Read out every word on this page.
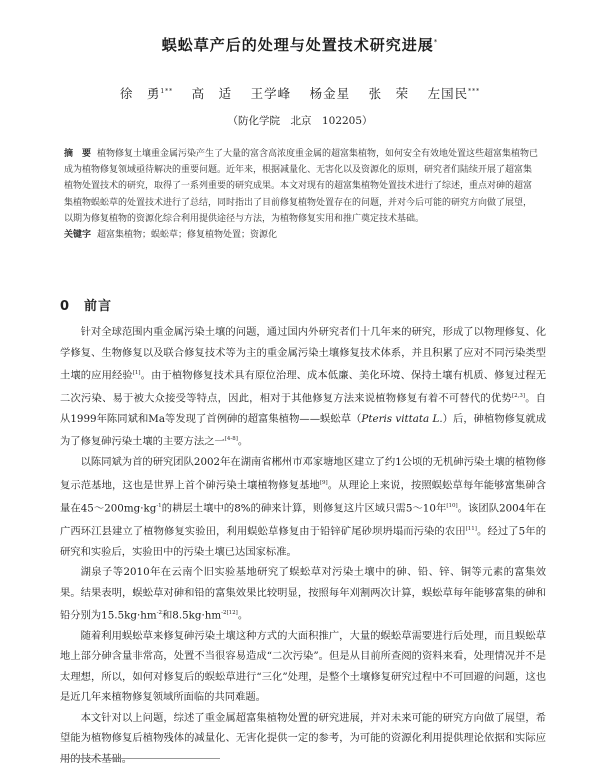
蜈蚣草产后的处理与处置技术研究进展*
徐　勇$^{1**}$　 高　适　 王学峰　 杨金星　 张　荣　 左国民***
（防化学院　北京　102205）

摘　要 植物修复土壤重金属污染产生了大量的富含高浓度重金属的超富集植物，如何安全有效地处置这些超富集植物已成为植物修复领域亟待解决的重要问题。近年来，根据减量化、无害化以及资源化的原则，研究者们陆续开展了超富集植物处置技术的研究，取得了一系列重要的研究成果。本文对现有的超富集植物处置技术进行了综述，重点对砷的超富集植物蜈蚣草的处置技术进行了总结，同时指出了目前修复植物处置存在的问题，并对今后可能的研究方向做了展望，以期为修复植物的资源化综合利用提供途径与方法，为植物修复实用和推广奠定技术基础。

关键字 超富集植物；蜈蚣草；修复植物处置；资源化

0 前言

针对全球范围内重金属污染土壤的问题，通过国内外研究者们十几年来的研究，形成了以物理修复、化学修复、生物修复以及联合修复技术等为主的重金属污染土壤修复技术体系，并且积累了应对不同污染类型土壤的应用经验[1]。由于植物修复技术具有原位治理、成本低廉、美化环境、保持土壤有机质、修复过程无二次污染、易于被大众接受等特点，因此，相对于其他修复方法来说植物修复有着不可替代的优势[2,3]。自从1999年陈同斌和Ma等发现了首例砷的超富集植物——蜈蚣草（Pteris vittata L.）后，砷植物修复就成为了修复砷污染土壤的主要方法之一[4-8]。

以陈同斌为首的研究团队2002年在湖南省郴州市邓家塘地区建立了约1公顷的无机砷污染土壤的植物修复示范基地，这也是世界上首个砷污染土壤植物修复基地[9]。从理论上来说，按照蜈蚣草每年能够富集砷含量在$45\sim 200mg\cdot kg^{-1}$的耕层土壤中的8%的砷来计算，则修复这片区域只需5～10年[10]。该团队2004年在广西环江县建立了植物修复实验田，利用蜈蚣草修复由于铅锌矿尾砂坝坍塌而污染的农田[11]。经过了5年的研究和实验后，实验田中的污染土壤已达国家标准。

湖泉子等2010年在云南个旧实验基地研究了蜈蚣草对污染土壤中的砷、铅、锌、铜等元素的富集效果。结果表明，蜈蚣草对砷和铅的富集效果比较明显，按照每年刈割两次计算，蜈蚣草每年能够富集的砷和铅分别为$15.5kg\cdot hm^{-2}$和$8.5kg\cdot hm^{-2[12]}$。

随着利用蜈蚣草来修复砷污染土壤这种方式的大面积推广，大量的蜈蚣草需要进行后处理，而且蜈蚣草地上部分砷含量非常高，处置不当很容易造成“二次污染”。但是从目前所查阅的资料来看，处理情况并不是太理想，所以，如何对修复后的蜈蚣草进行“三化”处理，是整个土壤修复研究过程中不可回避的问题，这也是近几年来植物修复领域所面临的共同难题。

本文针对以上问题，综述了重金属超富集植物处置的研究进展，并对未来可能的研究方向做了展望，希望能为植物修复后植物残体的减量化、无害化提供一定的参考，为可能的资源化利用提供理论依据和实际应用的技术基础。
